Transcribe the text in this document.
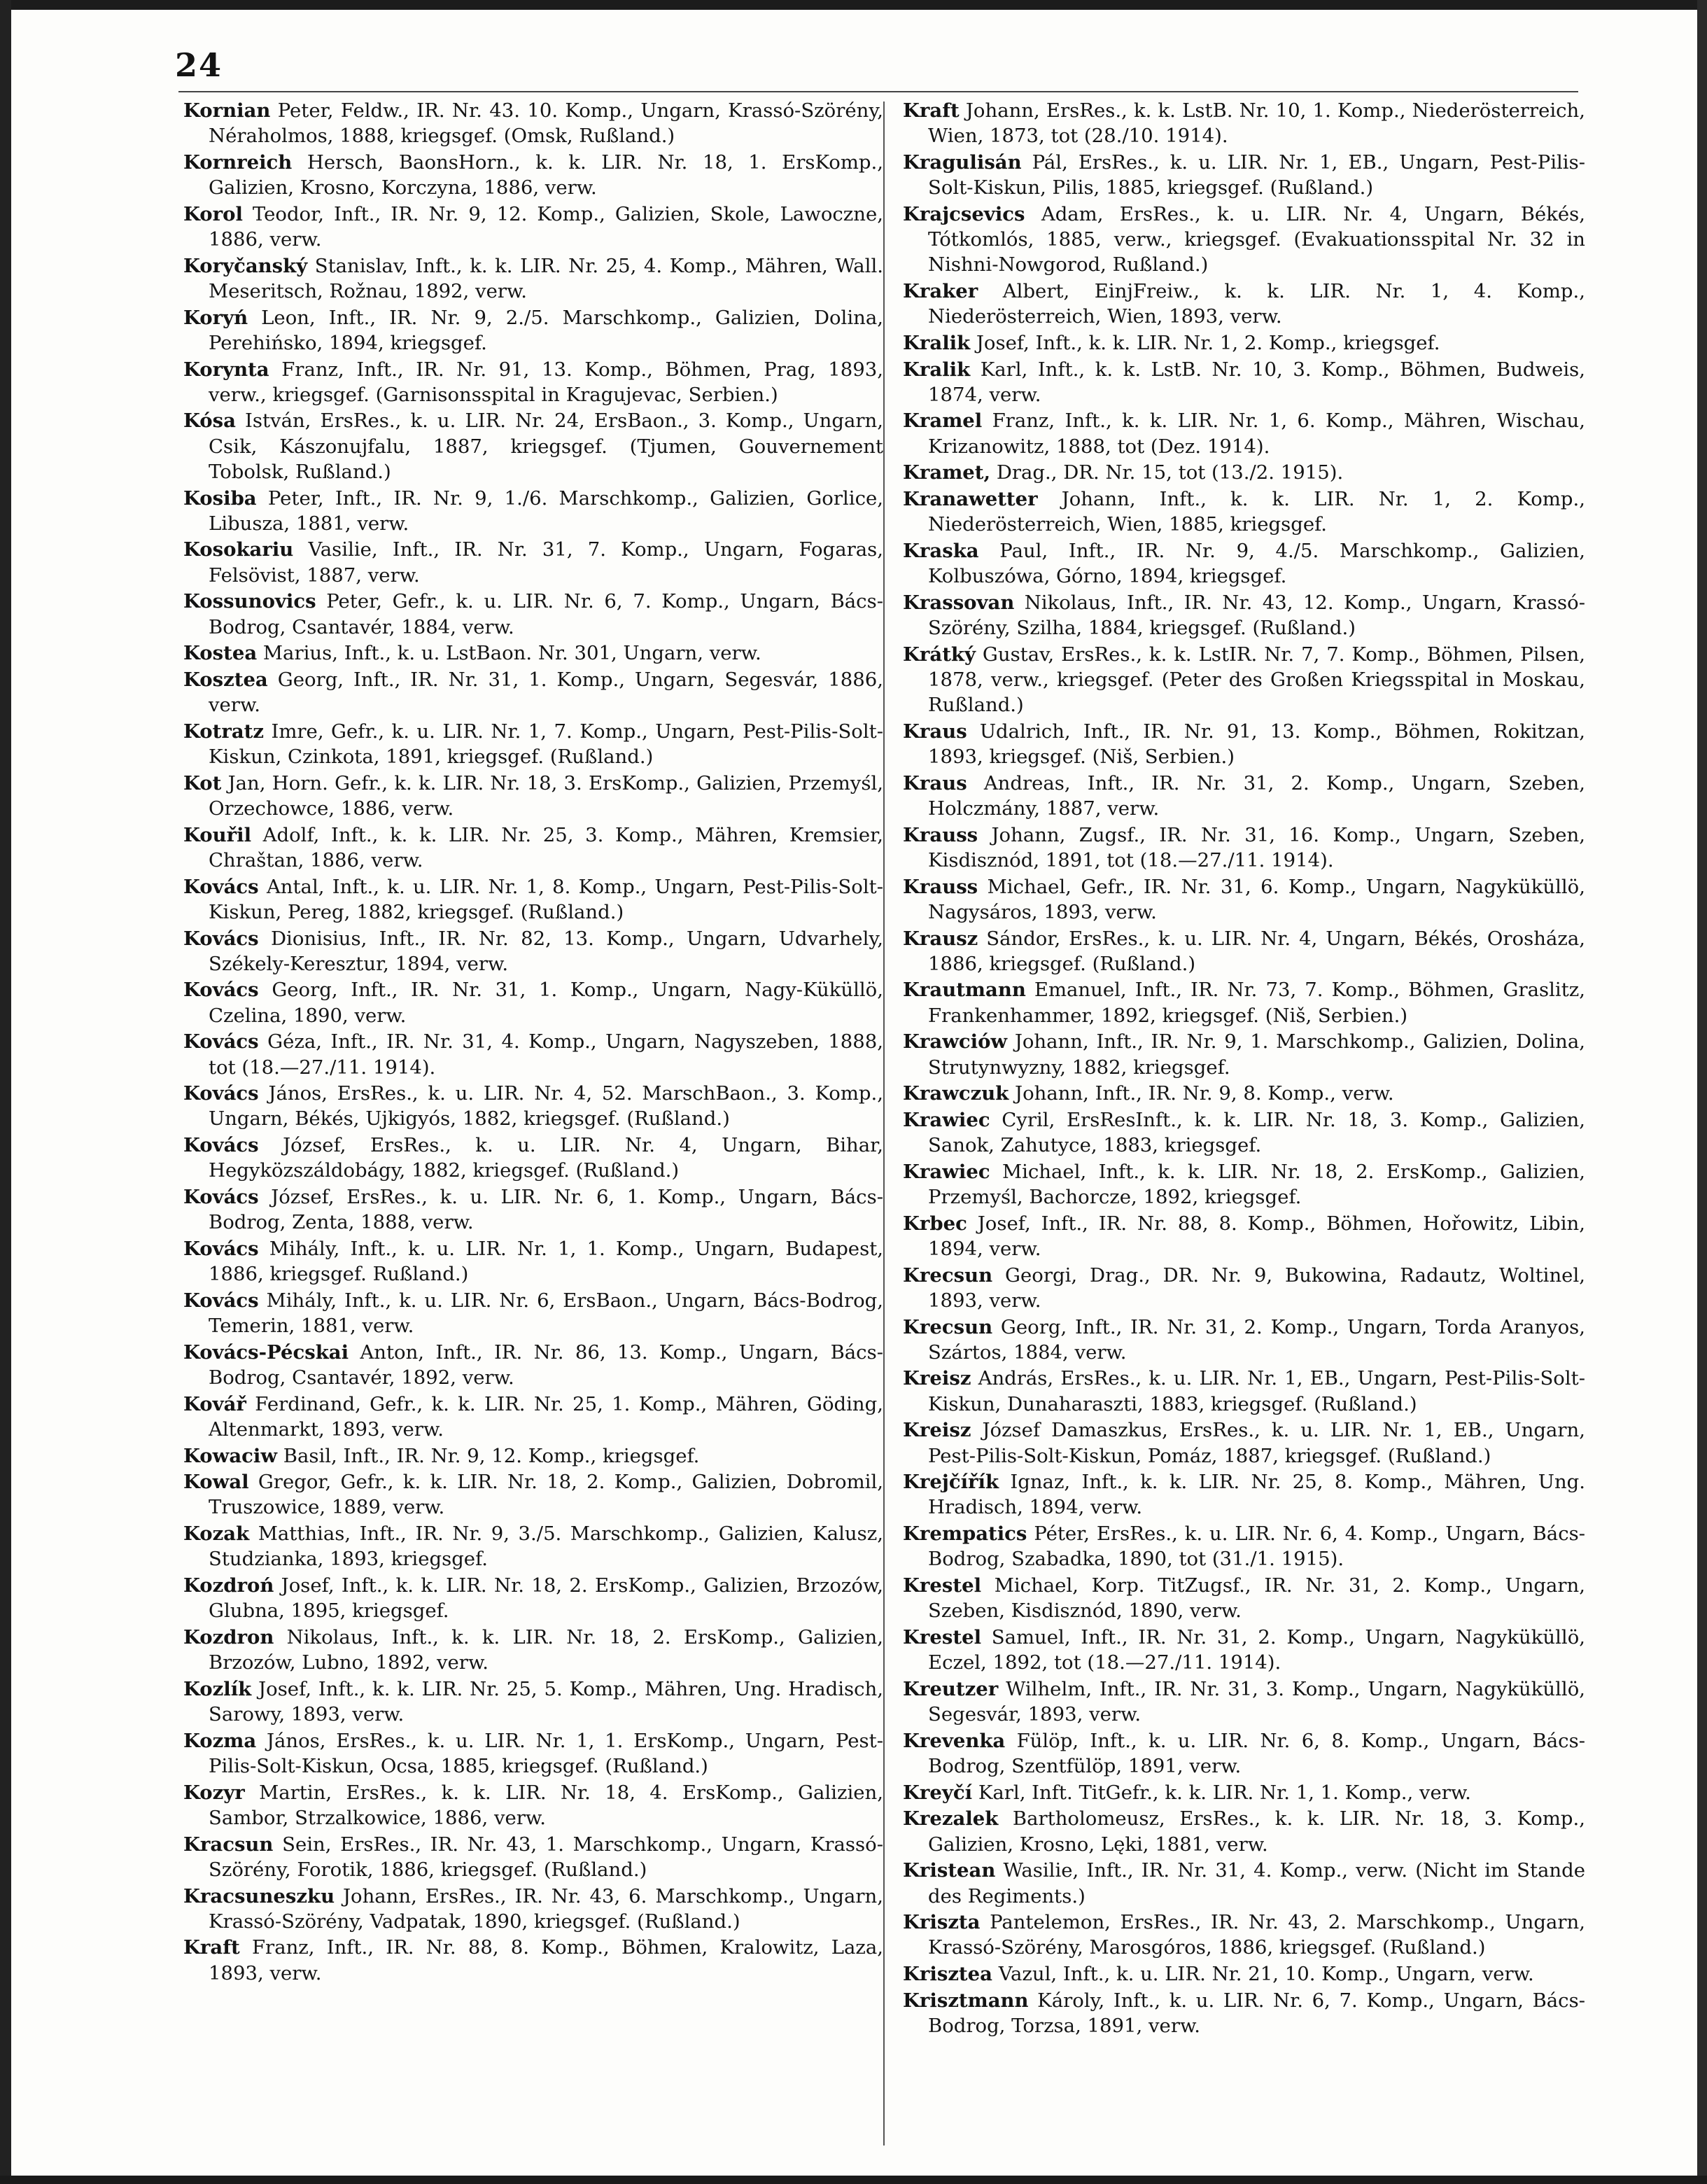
24

Kornian Peter, Feldw., IR. Nr. 43. 10. Komp., Ungarn, Krassó-Szörény, Néraholmos, 1888, kriegsgef. (Omsk, Rußland.)

Kornreich Hersch, BaonsHorn., k. k. LIR. Nr. 18, 1. ErsKomp., Galizien, Krosno, Korczyna, 1886, verw.

Korol Teodor, Inft., IR. Nr. 9, 12. Komp., Galizien, Skole, Lawoczne, 1886, verw.

Koryčanský Stanislav, Inft., k. k. LIR. Nr. 25, 4. Komp., Mähren, Wall. Meseritsch, Rožnau, 1892, verw.

Koryń Leon, Inft., IR. Nr. 9, 2./5. Marschkomp., Galizien, Dolina, Perehińsko, 1894, kriegsgef.

Korynta Franz, Inft., IR. Nr. 91, 13. Komp., Böhmen, Prag, 1893, verw., kriegsgef. (Garnisonsspital in Kragujevac, Serbien.)

Kósa István, ErsRes., k. u. LIR. Nr. 24, ErsBaon., 3. Komp., Ungarn, Csik, Kászonujfalu, 1887, kriegsgef. (Tjumen, Gouvernement Tobolsk, Rußland.)

Kosiba Peter, Inft., IR. Nr. 9, 1./6. Marschkomp., Galizien, Gorlice, Libusza, 1881, verw.

Kosokariu Vasilie, Inft., IR. Nr. 31, 7. Komp., Ungarn, Fogaras, Felsövist, 1887, verw.

Kossunovics Peter, Gefr., k. u. LIR. Nr. 6, 7. Komp., Ungarn, Bács-Bodrog, Csantavér, 1884, verw.

Kostea Marius, Inft., k. u. LstBaon. Nr. 301, Ungarn, verw.

Kosztea Georg, Inft., IR. Nr. 31, 1. Komp., Ungarn, Segesvár, 1886, verw.

Kotratz Imre, Gefr., k. u. LIR. Nr. 1, 7. Komp., Ungarn, Pest-Pilis-Solt-Kiskun, Czinkota, 1891, kriegsgef. (Rußland.)

Kot Jan, Horn. Gefr., k. k. LIR. Nr. 18, 3. ErsKomp., Galizien, Przemyśl, Orzechowce, 1886, verw.

Kouřil Adolf, Inft., k. k. LIR. Nr. 25, 3. Komp., Mähren, Kremsier, Chraštan, 1886, verw.

Kovács Antal, Inft., k. u. LIR. Nr. 1, 8. Komp., Ungarn, Pest-Pilis-Solt-Kiskun, Pereg, 1882, kriegsgef. (Rußland.)

Kovács Dionisius, Inft., IR. Nr. 82, 13. Komp., Ungarn, Udvarhely, Székely-Keresztur, 1894, verw.

Kovács Georg, Inft., IR. Nr. 31, 1. Komp., Ungarn, Nagy-Küküllö, Czelina, 1890, verw.

Kovács Géza, Inft., IR. Nr. 31, 4. Komp., Ungarn, Nagyszeben, 1888, tot (18.—27./11. 1914).

Kovács János, ErsRes., k. u. LIR. Nr. 4, 52. MarschBaon., 3. Komp., Ungarn, Békés, Ujkigyós, 1882, kriegsgef. (Rußland.)

Kovács József, ErsRes., k. u. LIR. Nr. 4, Ungarn, Bihar, Hegyközszáldobágy, 1882, kriegsgef. (Rußland.)

Kovács József, ErsRes., k. u. LIR. Nr. 6, 1. Komp., Ungarn, Bács-Bodrog, Zenta, 1888, verw.

Kovács Mihály, Inft., k. u. LIR. Nr. 1, 1. Komp., Ungarn, Budapest, 1886, kriegsgef. Rußland.)

Kovács Mihály, Inft., k. u. LIR. Nr. 6, ErsBaon., Ungarn, Bács-Bodrog, Temerin, 1881, verw.

Kovács-Pécskai Anton, Inft., IR. Nr. 86, 13. Komp., Ungarn, Bács-Bodrog, Csantavér, 1892, verw.

Kovář Ferdinand, Gefr., k. k. LIR. Nr. 25, 1. Komp., Mähren, Göding, Altenmarkt, 1893, verw.

Kowaciw Basil, Inft., IR. Nr. 9, 12. Komp., kriegsgef.

Kowal Gregor, Gefr., k. k. LIR. Nr. 18, 2. Komp., Galizien, Dobromil, Truszowice, 1889, verw.

Kozak Matthias, Inft., IR. Nr. 9, 3./5. Marschkomp., Galizien, Kalusz, Studzianka, 1893, kriegsgef.

Kozdroń Josef, Inft., k. k. LIR. Nr. 18, 2. ErsKomp., Galizien, Brzozów, Glubna, 1895, kriegsgef.

Kozdron Nikolaus, Inft., k. k. LIR. Nr. 18, 2. ErsKomp., Galizien, Brzozów, Lubno, 1892, verw.

Kozlík Josef, Inft., k. k. LIR. Nr. 25, 5. Komp., Mähren, Ung. Hradisch, Sarowy, 1893, verw.

Kozma János, ErsRes., k. u. LIR. Nr. 1, 1. ErsKomp., Ungarn, Pest-Pilis-Solt-Kiskun, Ocsa, 1885, kriegsgef. (Rußland.)

Kozyr Martin, ErsRes., k. k. LIR. Nr. 18, 4. ErsKomp., Galizien, Sambor, Strzalkowice, 1886, verw.

Kracsun Sein, ErsRes., IR. Nr. 43, 1. Marschkomp., Ungarn, Krassó-Szörény, Forotik, 1886, kriegsgef. (Rußland.)

Kracsuneszku Johann, ErsRes., IR. Nr. 43, 6. Marschkomp., Ungarn, Krassó-Szörény, Vadpatak, 1890, kriegsgef. (Rußland.)

Kraft Franz, Inft., IR. Nr. 88, 8. Komp., Böhmen, Kralowitz, Laza, 1893, verw.

Kraft Johann, ErsRes., k. k. LstB. Nr. 10, 1. Komp., Niederösterreich, Wien, 1873, tot (28./10. 1914).

Kragulisán Pál, ErsRes., k. u. LIR. Nr. 1, EB., Ungarn, Pest-Pilis-Solt-Kiskun, Pilis, 1885, kriegsgef. (Rußland.)

Krajcsevics Adam, ErsRes., k. u. LIR. Nr. 4, Ungarn, Békés, Tótkomlós, 1885, verw., kriegsgef. (Evakuationsspital Nr. 32 in Nishni-Nowgorod, Rußland.)

Kraker Albert, EinjFreiw., k. k. LIR. Nr. 1, 4. Komp., Niederösterreich, Wien, 1893, verw.

Kralik Josef, Inft., k. k. LIR. Nr. 1, 2. Komp., kriegsgef.

Kralik Karl, Inft., k. k. LstB. Nr. 10, 3. Komp., Böhmen, Budweis, 1874, verw.

Kramel Franz, Inft., k. k. LIR. Nr. 1, 6. Komp., Mähren, Wischau, Krizanowitz, 1888, tot (Dez. 1914).

Kramet, Drag., DR. Nr. 15, tot (13./2. 1915).

Kranawetter Johann, Inft., k. k. LIR. Nr. 1, 2. Komp., Niederösterreich, Wien, 1885, kriegsgef.

Kraska Paul, Inft., IR. Nr. 9, 4./5. Marschkomp., Galizien, Kolbuszówa, Górno, 1894, kriegsgef.

Krassovan Nikolaus, Inft., IR. Nr. 43, 12. Komp., Ungarn, Krassó-Szörény, Szilha, 1884, kriegsgef. (Rußland.)

Krátký Gustav, ErsRes., k. k. LstIR. Nr. 7, 7. Komp., Böhmen, Pilsen, 1878, verw., kriegsgef. (Peter des Großen Kriegsspital in Moskau, Rußland.)

Kraus Udalrich, Inft., IR. Nr. 91, 13. Komp., Böhmen, Rokitzan, 1893, kriegsgef. (Niš, Serbien.)

Kraus Andreas, Inft., IR. Nr. 31, 2. Komp., Ungarn, Szeben, Holczmány, 1887, verw.

Krauss Johann, Zugsf., IR. Nr. 31, 16. Komp., Ungarn, Szeben, Kisdisznód, 1891, tot (18.—27./11. 1914).

Krauss Michael, Gefr., IR. Nr. 31, 6. Komp., Ungarn, Nagyküküllö, Nagysáros, 1893, verw.

Krausz Sándor, ErsRes., k. u. LIR. Nr. 4, Ungarn, Békés, Orosháza, 1886, kriegsgef. (Rußland.)

Krautmann Emanuel, Inft., IR. Nr. 73, 7. Komp., Böhmen, Graslitz, Frankenhammer, 1892, kriegsgef. (Niš, Serbien.)

Krawciów Johann, Inft., IR. Nr. 9, 1. Marschkomp., Galizien, Dolina, Strutynwyzny, 1882, kriegsgef.

Krawczuk Johann, Inft., IR. Nr. 9, 8. Komp., verw.

Krawiec Cyril, ErsResInft., k. k. LIR. Nr. 18, 3. Komp., Galizien, Sanok, Zahutyce, 1883, kriegsgef.

Krawiec Michael, Inft., k. k. LIR. Nr. 18, 2. ErsKomp., Galizien, Przemyśl, Bachorcze, 1892, kriegsgef.

Krbec Josef, Inft., IR. Nr. 88, 8. Komp., Böhmen, Hořowitz, Libin, 1894, verw.

Krecsun Georgi, Drag., DR. Nr. 9, Bukowina, Radautz, Woltinel, 1893, verw.

Krecsun Georg, Inft., IR. Nr. 31, 2. Komp., Ungarn, Torda Aranyos, Szártos, 1884, verw.

Kreisz András, ErsRes., k. u. LIR. Nr. 1, EB., Ungarn, Pest-Pilis-Solt-Kiskun, Dunaharaszti, 1883, kriegsgef. (Rußland.)

Kreisz József Damaszkus, ErsRes., k. u. LIR. Nr. 1, EB., Ungarn, Pest-Pilis-Solt-Kiskun, Pomáz, 1887, kriegsgef. (Rußland.)

Krejčířík Ignaz, Inft., k. k. LIR. Nr. 25, 8. Komp., Mähren, Ung. Hradisch, 1894, verw.

Krempatics Péter, ErsRes., k. u. LIR. Nr. 6, 4. Komp., Ungarn, Bács-Bodrog, Szabadka, 1890, tot (31./1. 1915).

Krestel Michael, Korp. TitZugsf., IR. Nr. 31, 2. Komp., Ungarn, Szeben, Kisdisznód, 1890, verw.

Krestel Samuel, Inft., IR. Nr. 31, 2. Komp., Ungarn, Nagyküküllö, Eczel, 1892, tot (18.—27./11. 1914).

Kreutzer Wilhelm, Inft., IR. Nr. 31, 3. Komp., Ungarn, Nagyküküllö, Segesvár, 1893, verw.

Krevenka Fülöp, Inft., k. u. LIR. Nr. 6, 8. Komp., Ungarn, Bács-Bodrog, Szentfülöp, 1891, verw.

Kreyčí Karl, Inft. TitGefr., k. k. LIR. Nr. 1, 1. Komp., verw.

Krezalek Bartholomeusz, ErsRes., k. k. LIR. Nr. 18, 3. Komp., Galizien, Krosno, Lęki, 1881, verw.

Kristean Wasilie, Inft., IR. Nr. 31, 4. Komp., verw. (Nicht im Stande des Regiments.)

Kriszta Pantelemon, ErsRes., IR. Nr. 43, 2. Marschkomp., Ungarn, Krassó-Szörény, Marosgóros, 1886, kriegsgef. (Rußland.)

Krisztea Vazul, Inft., k. u. LIR. Nr. 21, 10. Komp., Ungarn, verw.

Krisztmann Károly, Inft., k. u. LIR. Nr. 6, 7. Komp., Ungarn, Bács-Bodrog, Torzsa, 1891, verw.
